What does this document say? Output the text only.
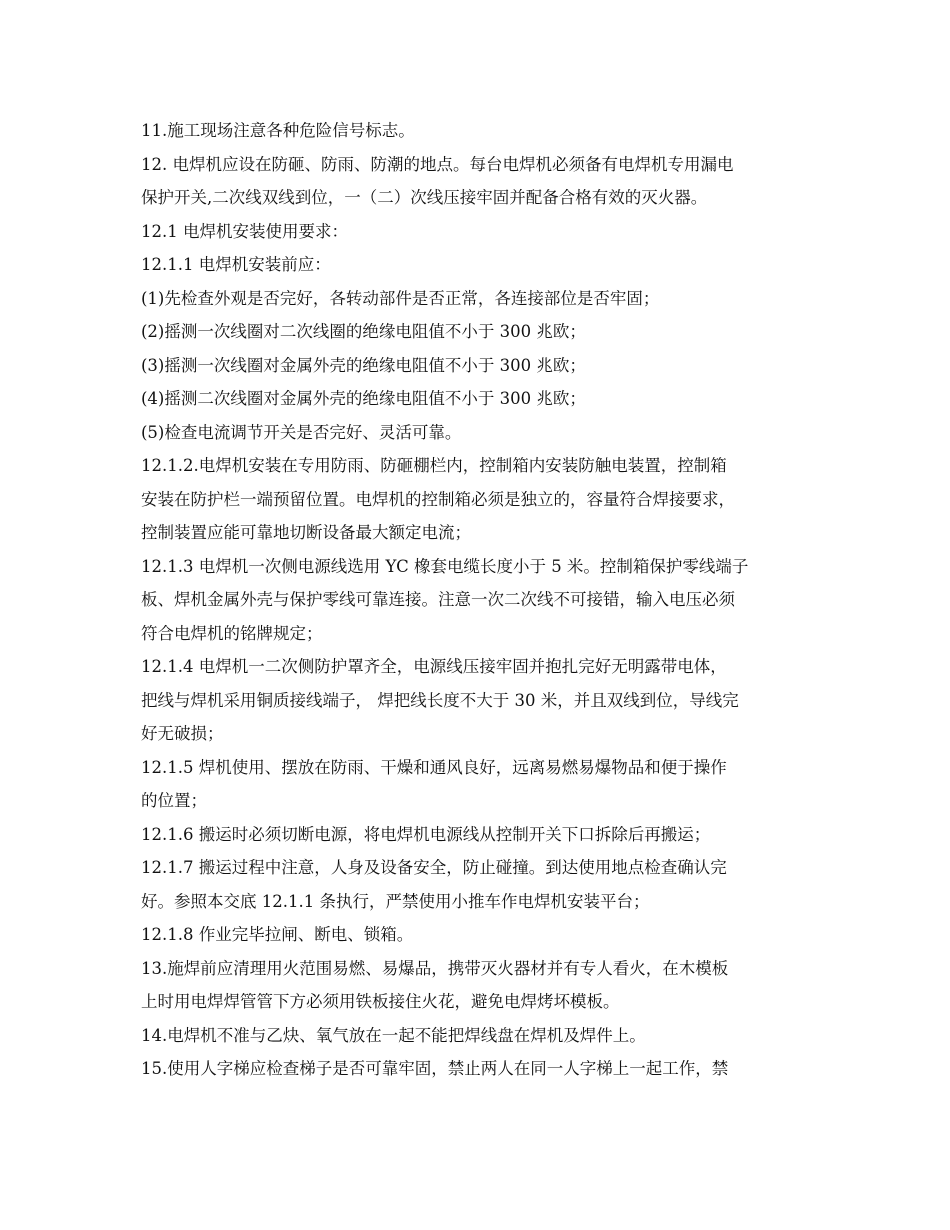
11.施工现场注意各种危险信号标志。
12. 电焊机应设在防砸、防雨、防潮的地点。每台电焊机必须备有电焊机专用漏电
保护开关,二次线双线到位，一（二）次线压接牢固并配备合格有效的灭火器。
12.1 电焊机安装使用要求：
12.1.1 电焊机安装前应：
(1)先检查外观是否完好，各转动部件是否正常，各连接部位是否牢固；
(2)摇测一次线圈对二次线圈的绝缘电阻值不小于 300 兆欧；
(3)摇测一次线圈对金属外壳的绝缘电阻值不小于 300 兆欧；
(4)摇测二次线圈对金属外壳的绝缘电阻值不小于 300 兆欧；
(5)检查电流调节开关是否完好、灵活可靠。
12.1.2.电焊机安装在专用防雨、防砸棚栏内，控制箱内安装防触电装置，控制箱
安装在防护栏一端预留位置。电焊机的控制箱必须是独立的，容量符合焊接要求，
控制装置应能可靠地切断设备最大额定电流；
12.1.3 电焊机一次侧电源线选用 YC 橡套电缆长度小于 5 米。控制箱保护零线端子
板、焊机金属外壳与保护零线可靠连接。注意一次二次线不可接错，输入电压必须
符合电焊机的铭牌规定；
12.1.4 电焊机一二次侧防护罩齐全，电源线压接牢固并抱扎完好无明露带电体，
把线与焊机采用铜质接线端子， 焊把线长度不大于 30 米，并且双线到位，导线完
好无破损；
12.1.5 焊机使用、摆放在防雨、干燥和通风良好，远离易燃易爆物品和便于操作
的位置；
12.1.6 搬运时必须切断电源，将电焊机电源线从控制开关下口拆除后再搬运；
12.1.7 搬运过程中注意，人身及设备安全，防止碰撞。到达使用地点检查确认完
好。参照本交底 12.1.1 条执行，严禁使用小推车作电焊机安装平台；
12.1.8 作业完毕拉闸、断电、锁箱。
13.施焊前应清理用火范围易燃、易爆品，携带灭火器材并有专人看火，在木模板
上时用电焊焊管管下方必须用铁板接住火花，避免电焊烤坏模板。
14.电焊机不准与乙炔、氧气放在一起不能把焊线盘在焊机及焊件上。
15.使用人字梯应检查梯子是否可靠牢固，禁止两人在同一人字梯上一起工作，禁
